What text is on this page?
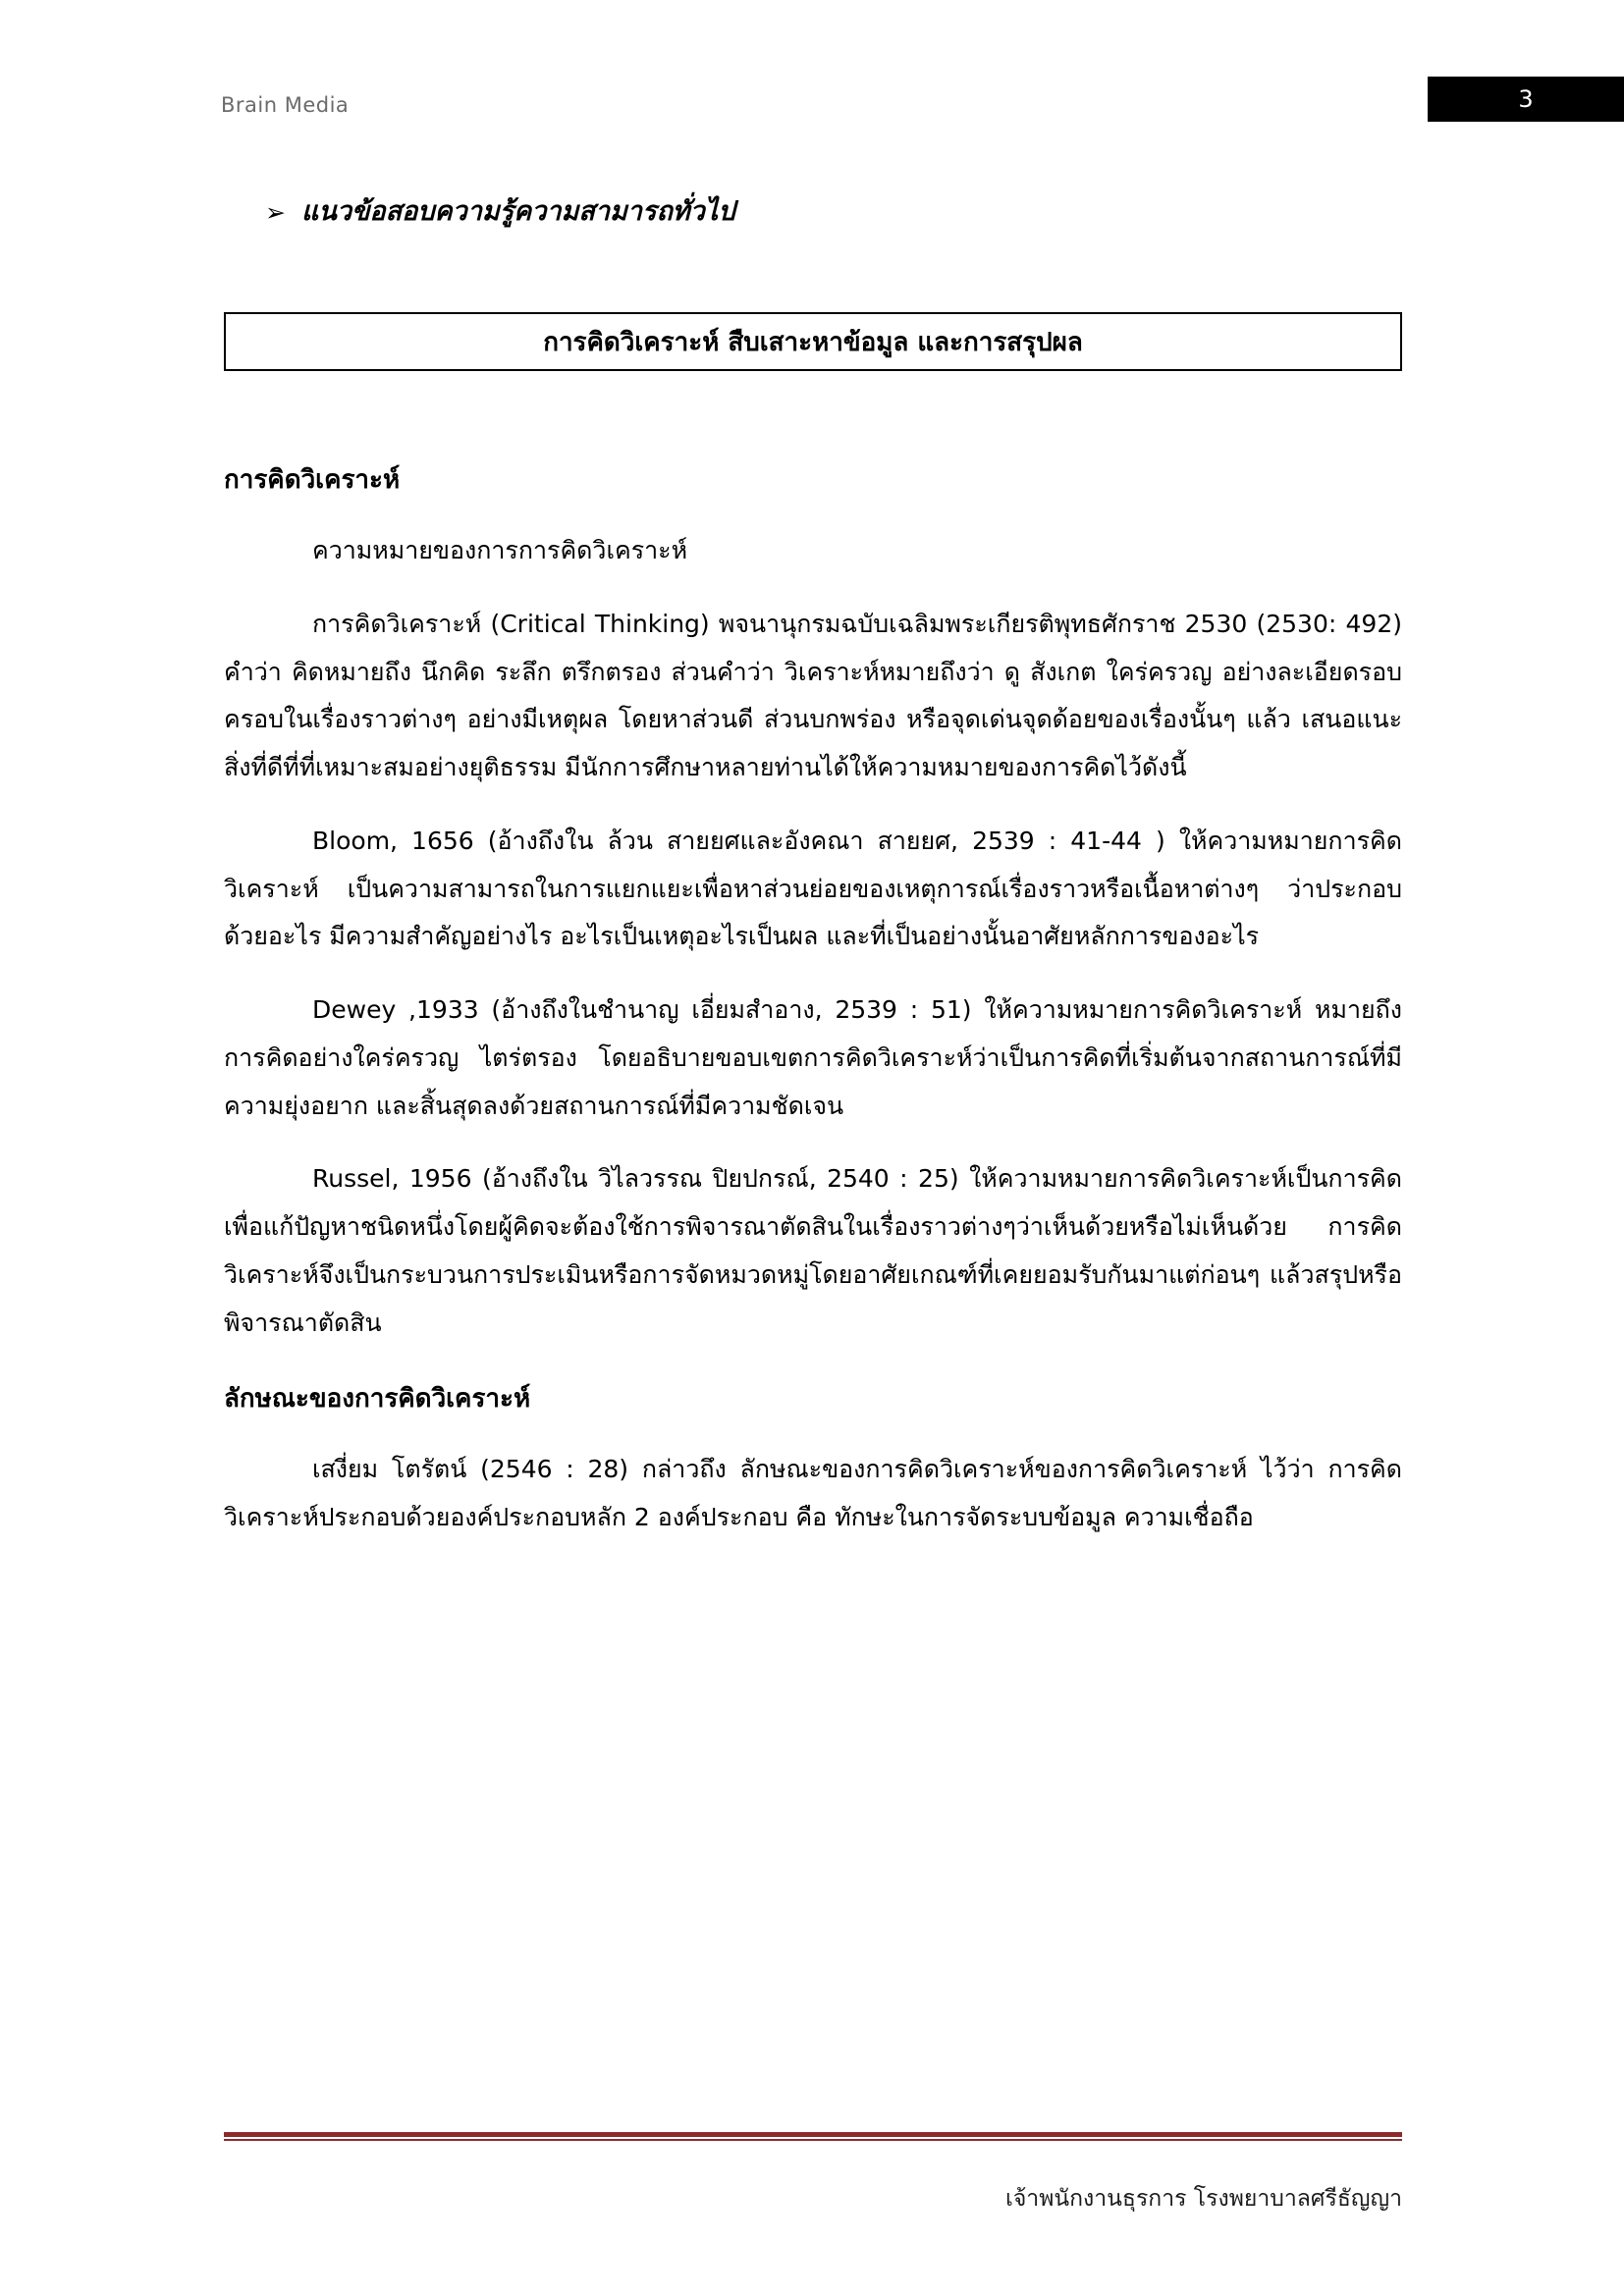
Brain Media	3
➢ แนวข้อสอบความรู้ความสามารถทั่วไป
การคิดวิเคราะห์ สืบเสาะหาข้อมูล และการสรุปผล
การคิดวิเคราะห์

ความหมายของการการคิดวิเคราะห์

การคิดวิเคราะห์ (Critical Thinking) พจนานุกรมฉบับเฉลิมพระเกียรติพุทธศักราช 2530 (2530: 492) คำว่า คิดหมายถึง นึกคิด ระลึก ตรึกตรอง ส่วนคำว่า วิเคราะห์หมายถึงว่า ดู สังเกต ใคร่ครวญ อย่างละเอียดรอบครอบในเรื่องราวต่างๆ อย่างมีเหตุผล โดยหาส่วนดี ส่วนบกพร่อง หรือจุดเด่นจุดด้อยของเรื่องนั้นๆ แล้ว เสนอแนะสิ่งที่ดีที่ที่เหมาะสมอย่างยุติธรรม มีนักการศึกษาหลายท่านได้ให้ความหมายของการคิดไว้ดังนี้

Bloom, 1656 (อ้างถึงใน ล้วน สายยศและอังคณา สายยศ, 2539 : 41-44 ) ให้ความหมายการคิดวิเคราะห์ เป็นความสามารถในการแยกแยะเพื่อหาส่วนย่อยของเหตุการณ์เรื่องราวหรือเนื้อหาต่างๆ ว่าประกอบด้วยอะไร มีความสำคัญอย่างไร อะไรเป็นเหตุอะไรเป็นผล และที่เป็นอย่างนั้นอาศัยหลักการของอะไร

Dewey ,1933 (อ้างถึงในชำนาญ เอี่ยมสำอาง, 2539 : 51) ให้ความหมายการคิดวิเคราะห์ หมายถึง การคิดอย่างใคร่ครวญ ไตร่ตรอง โดยอธิบายขอบเขตการคิดวิเคราะห์ว่าเป็นการคิดที่เริ่มต้นจากสถานการณ์ที่มีความยุ่งอยาก และสิ้นสุดลงด้วยสถานการณ์ที่มีความชัดเจน

Russel, 1956 (อ้างถึงใน วิไลวรรณ ปิยปกรณ์, 2540 : 25) ให้ความหมายการคิดวิเคราะห์เป็นการคิดเพื่อแก้ปัญหาชนิดหนึ่งโดยผู้คิดจะต้องใช้การพิจารณาตัดสินในเรื่องราวต่างๆว่าเห็นด้วยหรือไม่เห็นด้วย การคิดวิเคราะห์จึงเป็นกระบวนการประเมินหรือการจัดหมวดหมู่โดยอาศัยเกณฑ์ที่เคยยอมรับกันมาแต่ก่อนๆ แล้วสรุปหรือพิจารณาตัดสิน

ลักษณะของการคิดวิเคราะห์

เสงี่ยม โตรัตน์ (2546 : 28) กล่าวถึง ลักษณะของการคิดวิเคราะห์ของการคิดวิเคราะห์ ไว้ว่า การคิดวิเคราะห์ประกอบด้วยองค์ประกอบหลัก 2 องค์ประกอบ คือ ทักษะในการจัดระบบข้อมูล ความเชื่อถือ

เจ้าพนักงานธุรการ โรงพยาบาลศรีธัญญา
